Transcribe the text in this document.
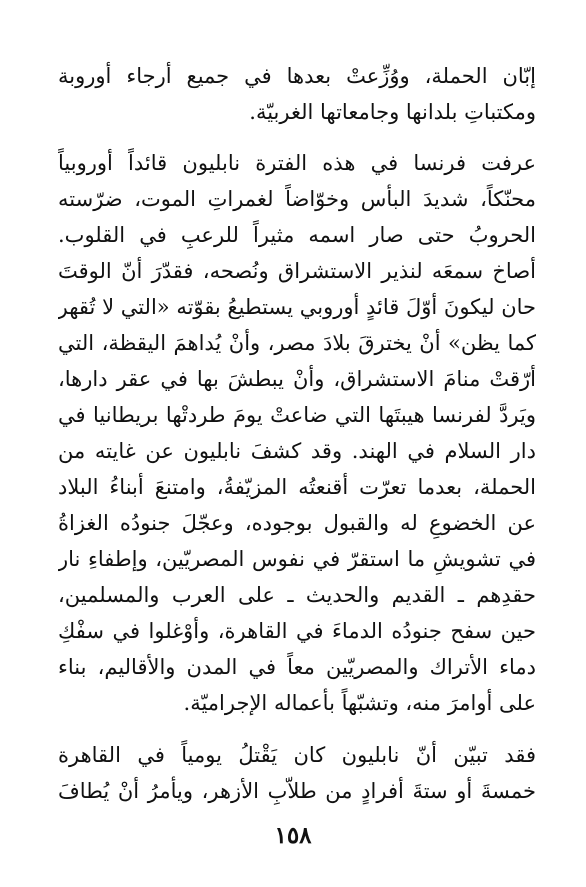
إبّان الحملة، ووُزِّعتْ بعدها في جميع أرجاء أوروبة
ومكتباتِ بلدانها وجامعاتها الغربيّة.
عرفت فرنسا في هذه الفترة نابليون قائداً أوروبياً
محنّكاً، شديدَ البأس وخوّاضاً لغمراتِ الموت، ضرّسته
الحروبُ حتى صار اسمه مثيراً للرعبِ في القلوب.
أصاخ سمعَه لنذير الاستشراق ونُصحه، فقدّرَ أنّ الوقتَ
حان ليكونَ أوّلَ قائدٍ أوروبي يستطيعُ بقوّته «التي لا تُقهر
كما يظن» أنْ يخترقَ بلادَ مصر، وأنْ يُداهمَ اليقظة، التي
أرّقتْ منامَ الاستشراق، وأنْ يبطشَ بها في عقر دارها،
ويَردَّ لفرنسا هيبتَها التي ضاعتْ يومَ طردتْها بريطانيا في
دار السلام في الهند. وقد كشفَ نابليون عن غايته من
الحملة، بعدما تعرّت أقنعتُه المزيّفةُ، وامتنعَ أبناءُ البلاد
عن الخضوعِ له والقبول بوجوده، وعجّلَ جنودُه الغزاةُ
في تشويشِ ما استقرّ في نفوس المصريّين، وإطفاءِ نار
حقدِهم ـ القديم والحديث ـ على العرب والمسلمين،
حين سفح جنودُه الدماءَ في القاهرة، وأوْغلوا في سفْكِ
دماء الأتراك والمصريّين معاً في المدن والأقاليم، بناء
على أوامرَ منه، وتشبّهاً بأعماله الإجراميّة.
فقد تبيّن أنّ نابليون كان يَقْتلُ يومياً في القاهرة
خمسةَ أو ستةَ أفرادٍ من طلاّبِ الأزهر، ويأمرُ أنْ يُطافَ
١٥٨
